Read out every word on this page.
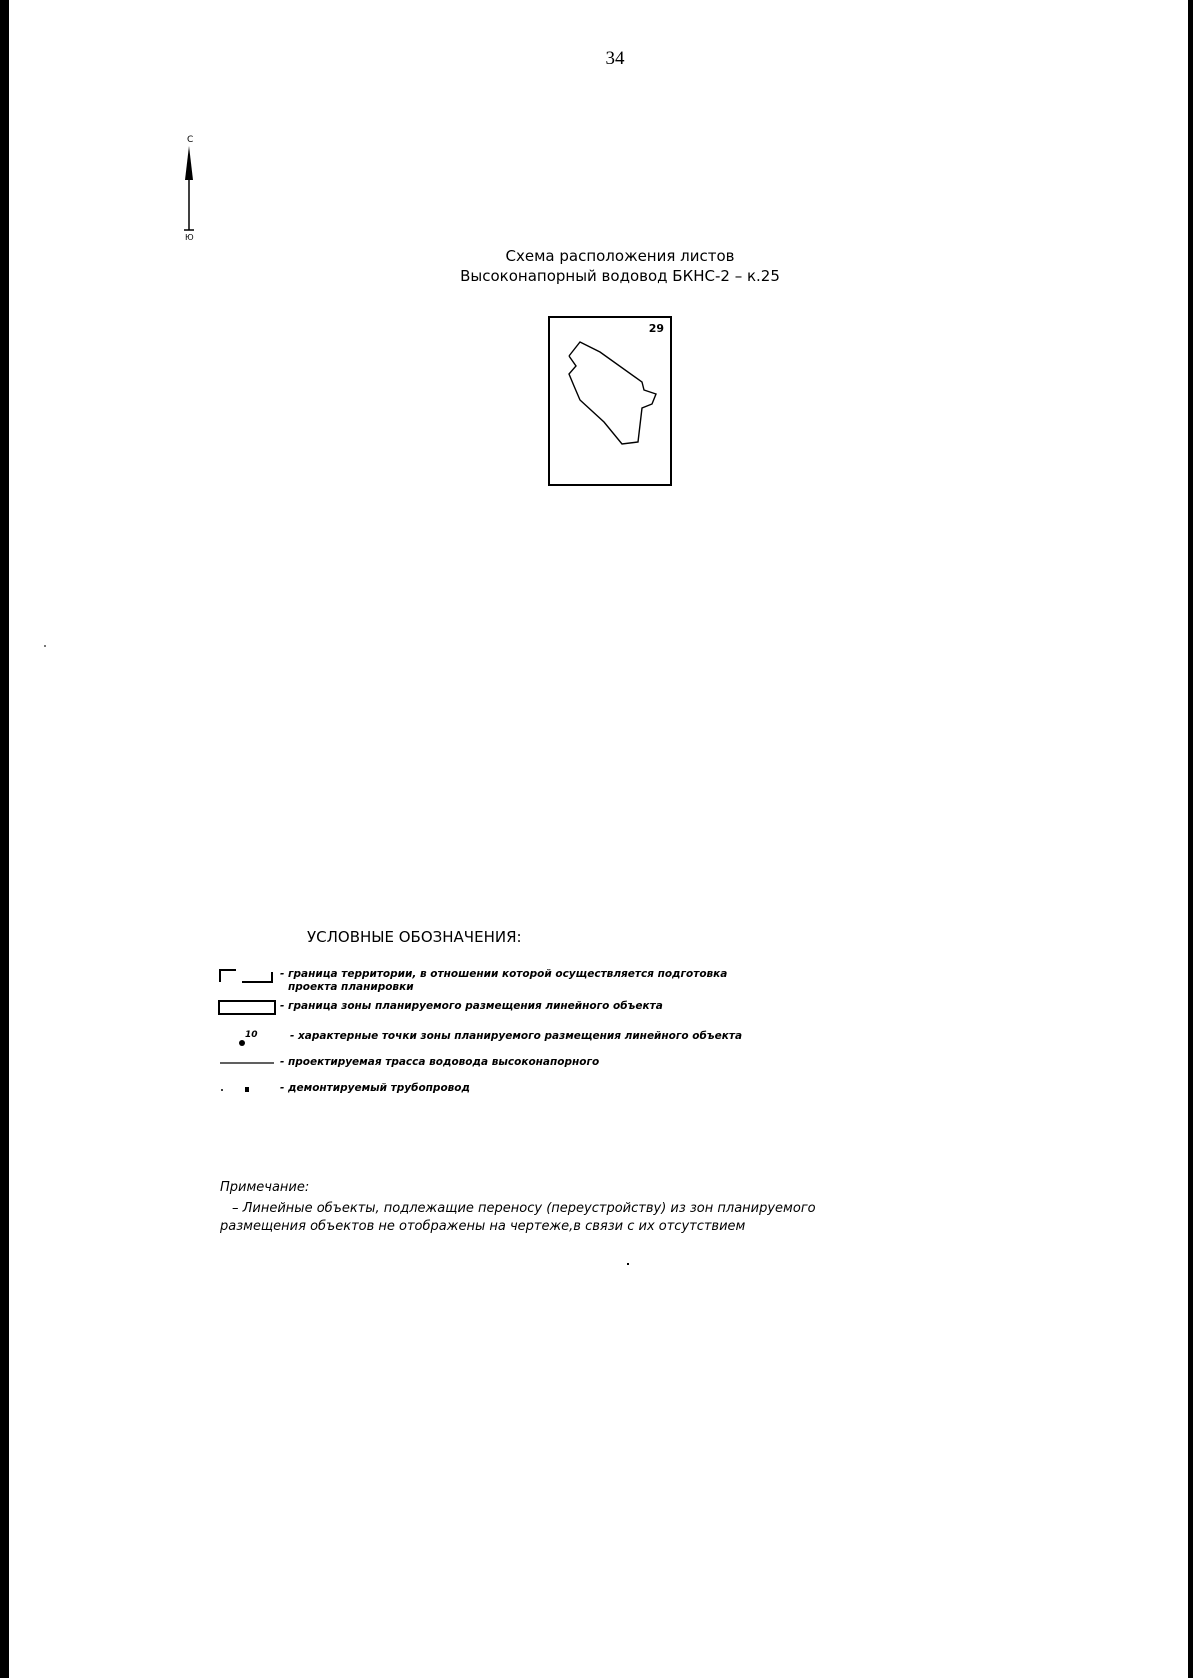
34
С
Ю
Схема расположения листов
Высоконапорный водовод БКНС-2 – к.25
29
УСЛОВНЫЕ ОБОЗНАЧЕНИЯ:
- граница территории, в отношении которой осуществляется подготовка
проекта планировки
- граница зоны планируемого размещения линейного объекта
10	- характерные точки зоны планируемого размещения линейного объекта
- проектируемая трасса водовода высоконапорного
- демонтируемый трубопровод
Примечание:
– Линейные объекты, подлежащие переносу (переустройству) из зон планируемого
размещения объектов не отображены на чертеже,в связи с их отсутствием
